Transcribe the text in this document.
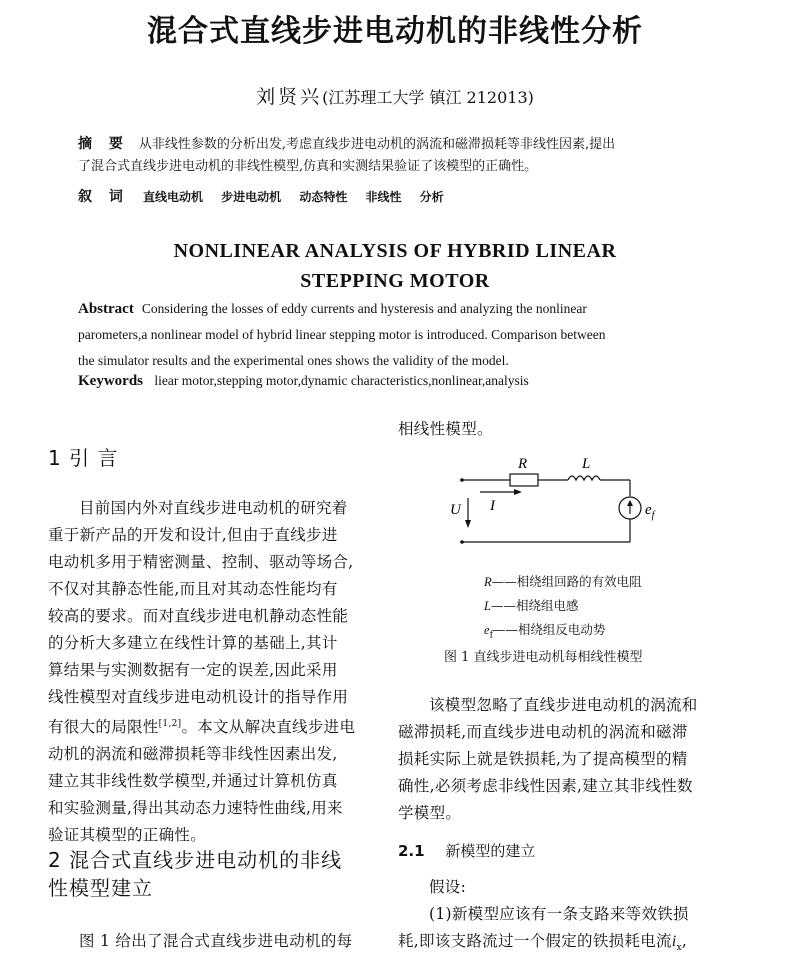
混合式直线步进电动机的非线性分析
刘贤兴(江苏理工大学 镇江 212013)
摘 要 从非线性参数的分析出发,考虑直线步进电动机的涡流和磁滞损耗等非线性因素,提出
了混合式直线步进电动机的非线性模型,仿真和实测结果验证了该模型的正确性。
叙 词 直线电动机 步进电动机 动态特性 非线性 分析
NONLINEAR ANALYSIS OF HYBRID LINEAR
STEPPING MOTOR
Abstract Considering the losses of eddy currents and hysteresis and analyzing the nonlinear
parometers,a nonlinear model of hybrid linear stepping motor is introduced. Comparison between
the simulator results and the experimental ones shows the validity of the model.
Keywords liear motor,stepping motor,dynamic characteristics,nonlinear,analysis
1 引 言
目前国内外对直线步进电动机的研究着
重于新产品的开发和设计,但由于直线步进
电动机多用于精密测量、控制、驱动等场合,
不仅对其静态性能,而且对其动态性能均有
较高的要求。而对直线步进电机静动态性能
的分析大多建立在线性计算的基础上,其计
算结果与实测数据有一定的误差,因此采用
线性模型对直线步进电动机设计的指导作用
有很大的局限性[1,2]。本文从解决直线步进电
动机的涡流和磁滞损耗等非线性因素出发,
建立其非线性数学模型,并通过计算机仿真
和实验测量,得出其动态力速特性曲线,用来
验证其模型的正确性。
2 混合式直线步进电动机的非线
性模型建立
图 1 给出了混合式直线步进电动机的每
相线性模型。
R	L
U I	$e_f$
R——相绕组回路的有效电阻
L——相绕组电感
$e_f——$相绕组反电动势
图 1 直线步进电动机每相线性模型
该模型忽略了直线步进电动机的涡流和
磁滞损耗,而直线步进电动机的涡流和磁滞
损耗实际上就是铁损耗,为了提高模型的精
确性,必须考虑非线性因素,建立其非线性数
学模型。
2.1 新模型的建立
假设:
(1)新模型应该有一条支路来等效铁损
耗,即该支路流过一个假定的铁损耗电流$i_x$,
